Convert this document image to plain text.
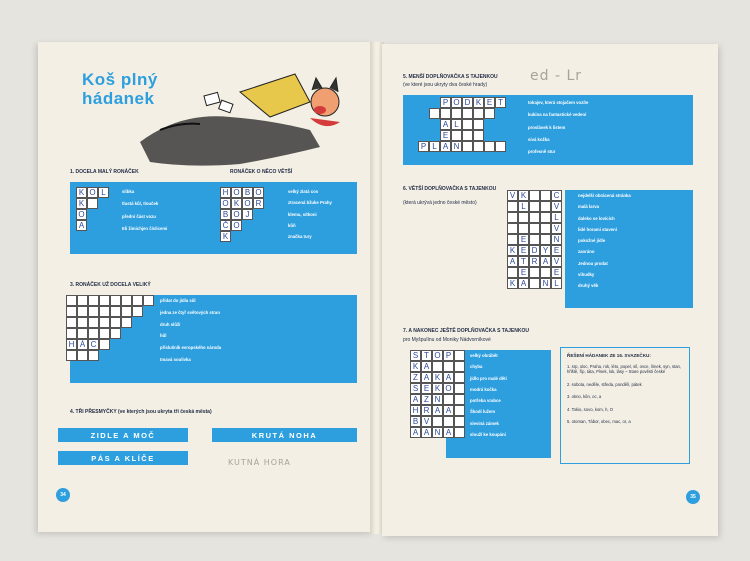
Koš plný
hádanek
1. DOCELA MALÝ RONÁČEK	RONÁČEK O NĚCO VĚTŠÍ
K O L
K
O
A
slibka
tlustá kůl, tlouček
přední část vozu
Eli žimichjen číslicemi
H O B O
O K O R
B O J
Č O
K
velký zlatá cos
ztracená bžuke Prahy
klemu, sítkoni
kůň
značka tury
3. RONÁČEK UŽ DOCELA VELIKÝ
H Á C
přídat do jídla sůl
jedna ze čtyř světových stran
druh slůží
hůl
příslušník evropského národa
tmavá soulivka
4. TŘI PŘESMYČKY (ve kterých jsou ukryta tři česká města)
ZIDLE A MOČ	KRUTÁ NOHA
PÁS A KLÍČE	KUTNÁ HORA
34
5. MENŠÍ DOPLŇOVAČKA S TAJENKOU
(ve které jsou ukryty dva české hrady)
ed - Lr
P O D K E T
A L
E
P L A N
tokajev, která stojačem vozíte
kukina na fantastické vedení
proslávek k listem
sivá kožka
profesně stur
6. VĚTŠÍ DOPLŇOVAČKA S TAJENKOU
(která ukrývá jedno české město)
V K	C
L	V
L
V
E	N
K E D Y E
A T R A V
E	E
K A	N L
nejdelší obrácená stránka
malá larva
daleko se lovících
lidé horami stavení
pokožné jídle
zaoráno
Jednou prodat
vihudky
druhý věk
7. A NAKONEC JEŠTĚ DOPLŇOVAČKA S TAJENKOU
pro Myšpulínu od Moniky Nádvorníkové
S T O P
K A
Z A K A
S E K O
A Z N
H R A A
B V
A A N A
velký obrábět
chyba
jídlo pro malé děti
modrá kočka
potřeba vrabce
Škodí lužem
sleviná zámek
slouží ke koupání
ŘEŠENÍ HÁDANEK ZE 16. SVAZEČKU:
1. srp, oloc, Praha, rok, léto, popel, síl, ovce, límek, syn, stan, hřiště, říp, táta, Písek, lok, lásy – Stare pověsti české
2. sobota, neděle, středa, pondělí, pátek
3. okno, kůn, oc, a
4. Tokio, sovo, kom, h, O
5. otoman, Tábor, obec, mac, or, a
35
